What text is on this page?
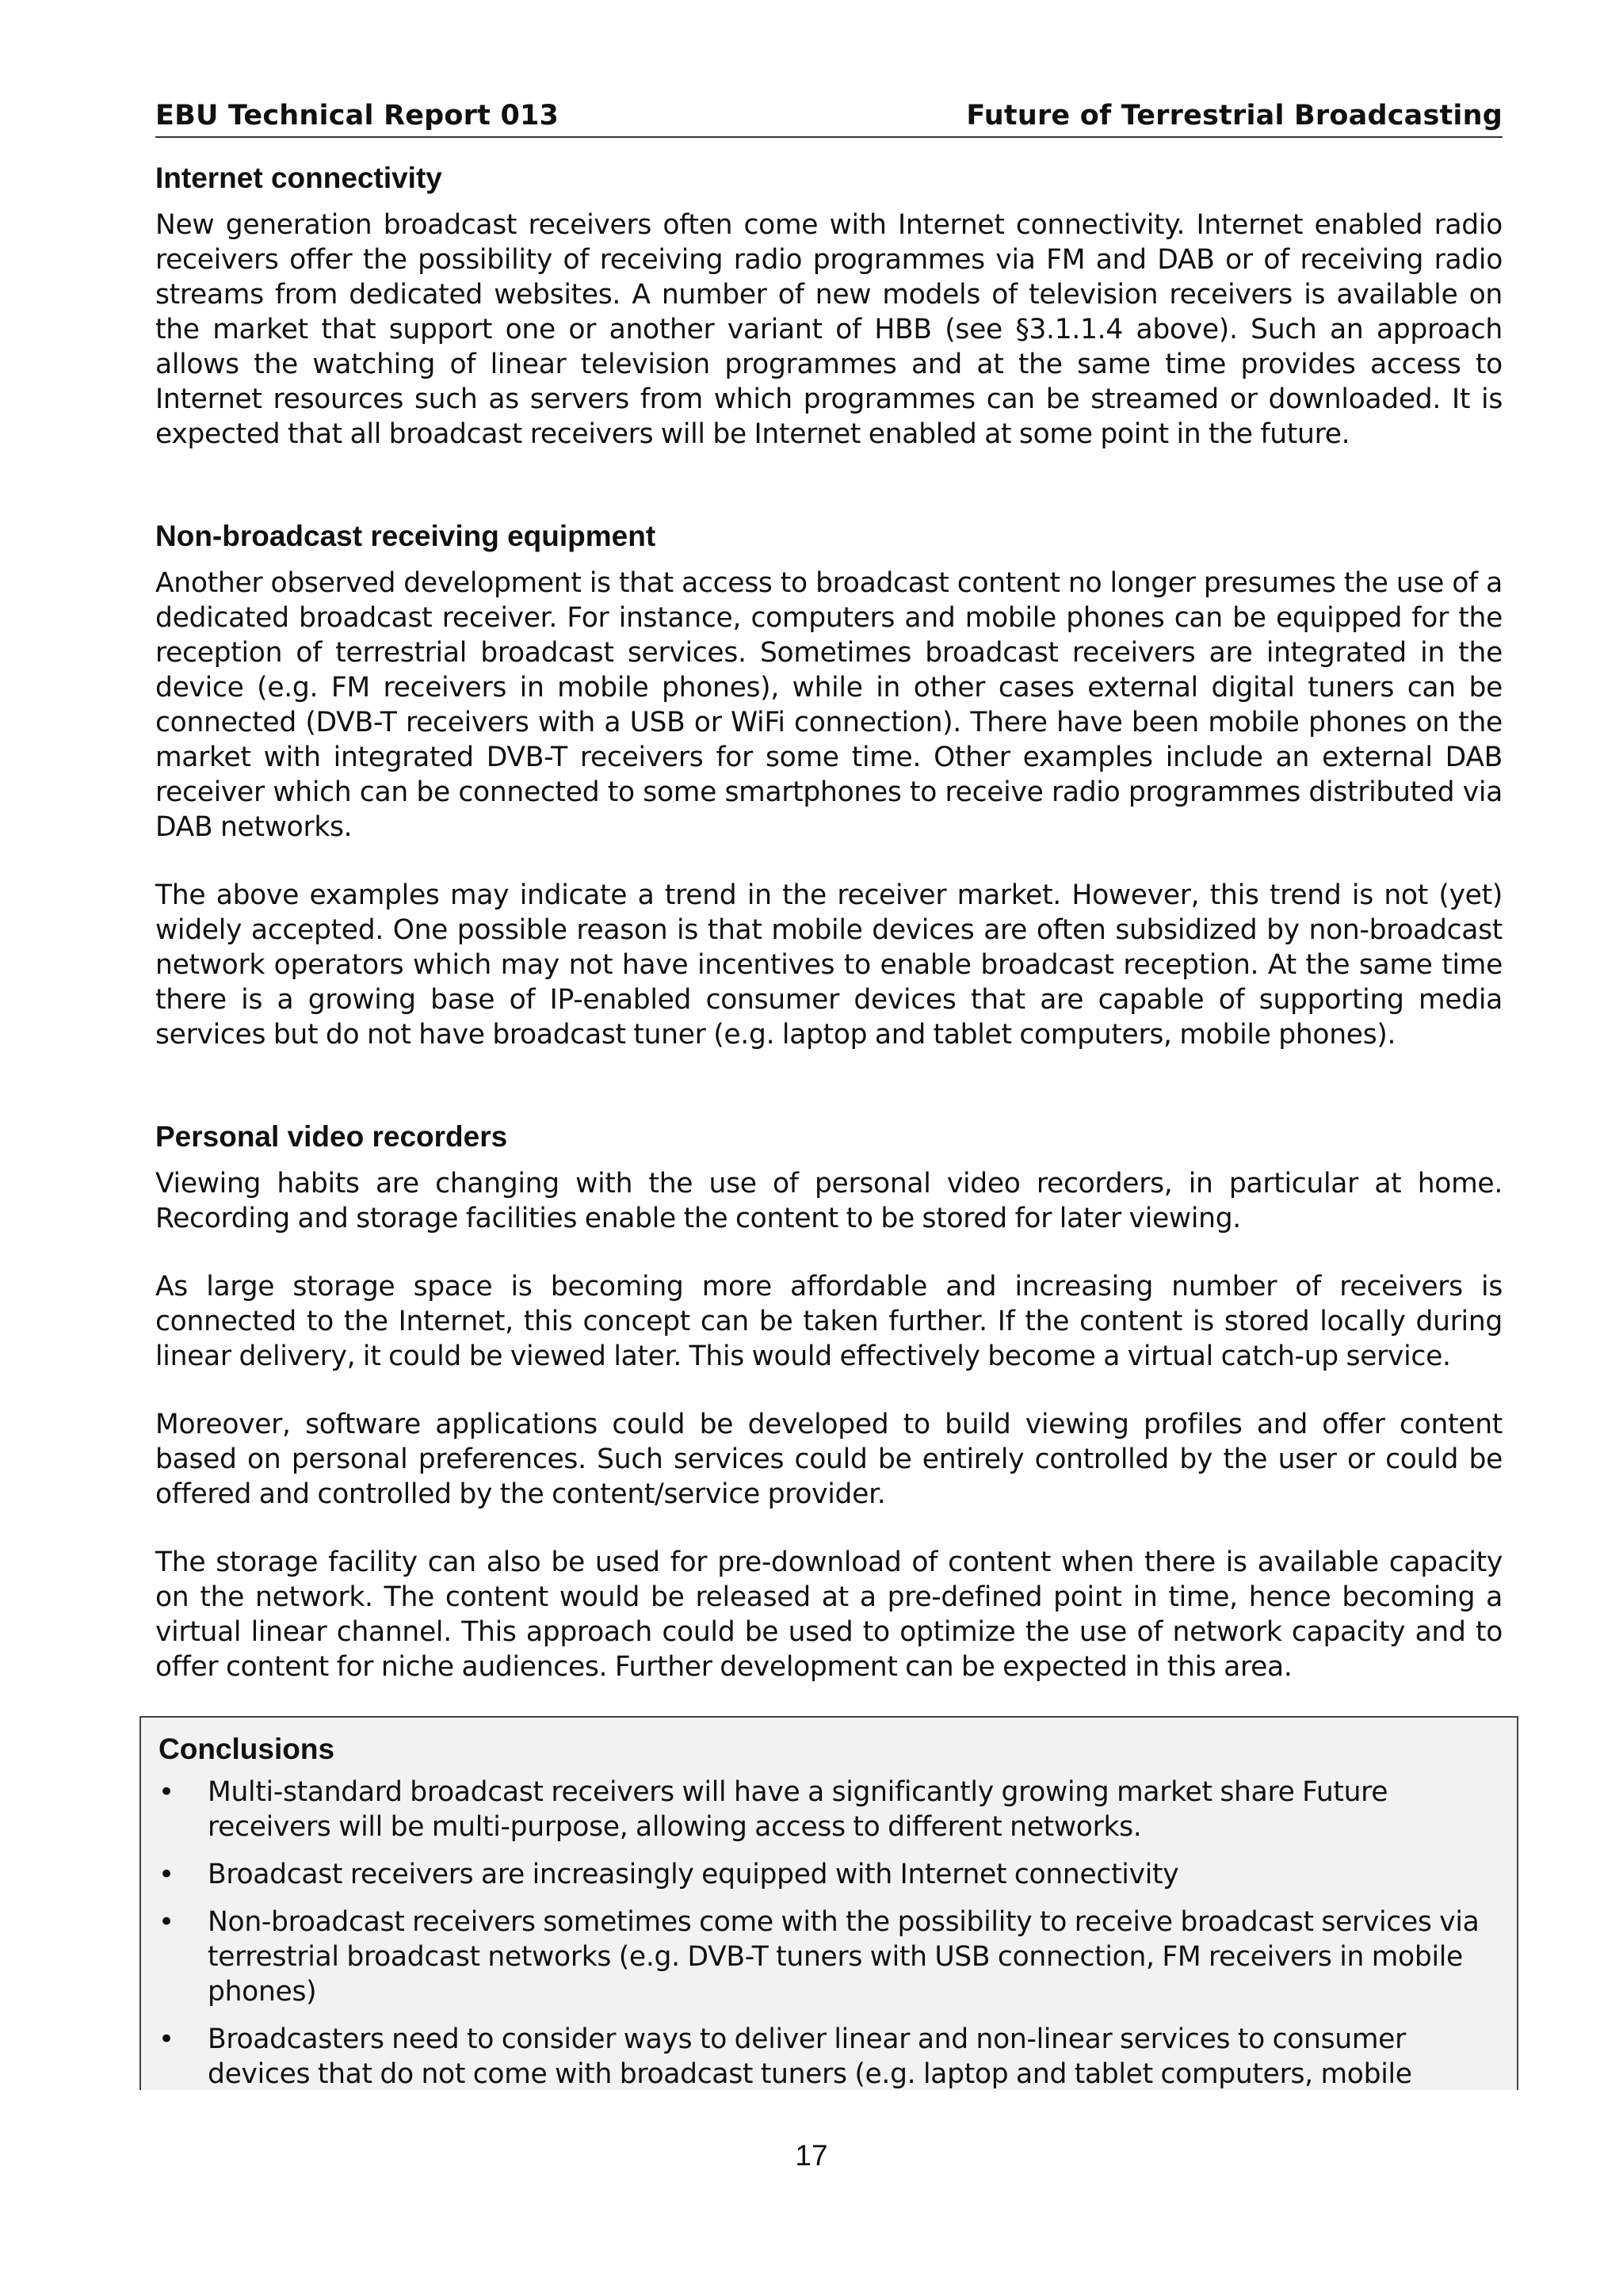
EBU Technical Report 013	Future of Terrestrial Broadcasting
Internet connectivity

New generation broadcast receivers often come with Internet connectivity. Internet enabled radio receivers offer the possibility of receiving radio programmes via FM and DAB or of receiving radio streams from dedicated websites. A number of new models of television receivers is available on the market that support one or another variant of HBB (see §3.1.1.4 above). Such an approach allows the watching of linear television programmes and at the same time provides access to Internet resources such as servers from which programmes can be streamed or downloaded. It is expected that all broadcast receivers will be Internet enabled at some point in the future.

Non-broadcast receiving equipment

Another observed development is that access to broadcast content no longer presumes the use of a dedicated broadcast receiver. For instance, computers and mobile phones can be equipped for the reception of terrestrial broadcast services. Sometimes broadcast receivers are integrated in the device (e.g. FM receivers in mobile phones), while in other cases external digital tuners can be connected (DVB-T receivers with a USB or WiFi connection). There have been mobile phones on the market with integrated DVB-T receivers for some time. Other examples include an external DAB receiver which can be connected to some smartphones to receive radio programmes distributed via DAB networks.

The above examples may indicate a trend in the receiver market. However, this trend is not (yet) widely accepted. One possible reason is that mobile devices are often subsidized by non-broadcast network operators which may not have incentives to enable broadcast reception. At the same time there is a growing base of IP-enabled consumer devices that are capable of supporting media services but do not have broadcast tuner (e.g. laptop and tablet computers, mobile phones).

Personal video recorders

Viewing habits are changing with the use of personal video recorders, in particular at home. Recording and storage facilities enable the content to be stored for later viewing.

As large storage space is becoming more affordable and increasing number of receivers is connected to the Internet, this concept can be taken further. If the content is stored locally during linear delivery, it could be viewed later. This would effectively become a virtual catch-up service.

Moreover, software applications could be developed to build viewing profiles and offer content based on personal preferences. Such services could be entirely controlled by the user or could be offered and controlled by the content/service provider.

The storage facility can also be used for pre-download of content when there is available capacity on the network. The content would be released at a pre-defined point in time, hence becoming a virtual linear channel. This approach could be used to optimize the use of network capacity and to offer content for niche audiences. Further development can be expected in this area.

Conclusions
•	Multi-standard broadcast receivers will have a significantly growing market share Future receivers will be multi-purpose, allowing access to different networks.
•	Broadcast receivers are increasingly equipped with Internet connectivity
•	Non-broadcast receivers sometimes come with the possibility to receive broadcast services via terrestrial broadcast networks (e.g. DVB-T tuners with USB connection, FM receivers in mobile phones)
•	Broadcasters need to consider ways to deliver linear and non-linear services to consumer devices that do not come with broadcast tuners (e.g. laptop and tablet computers, mobile
17
